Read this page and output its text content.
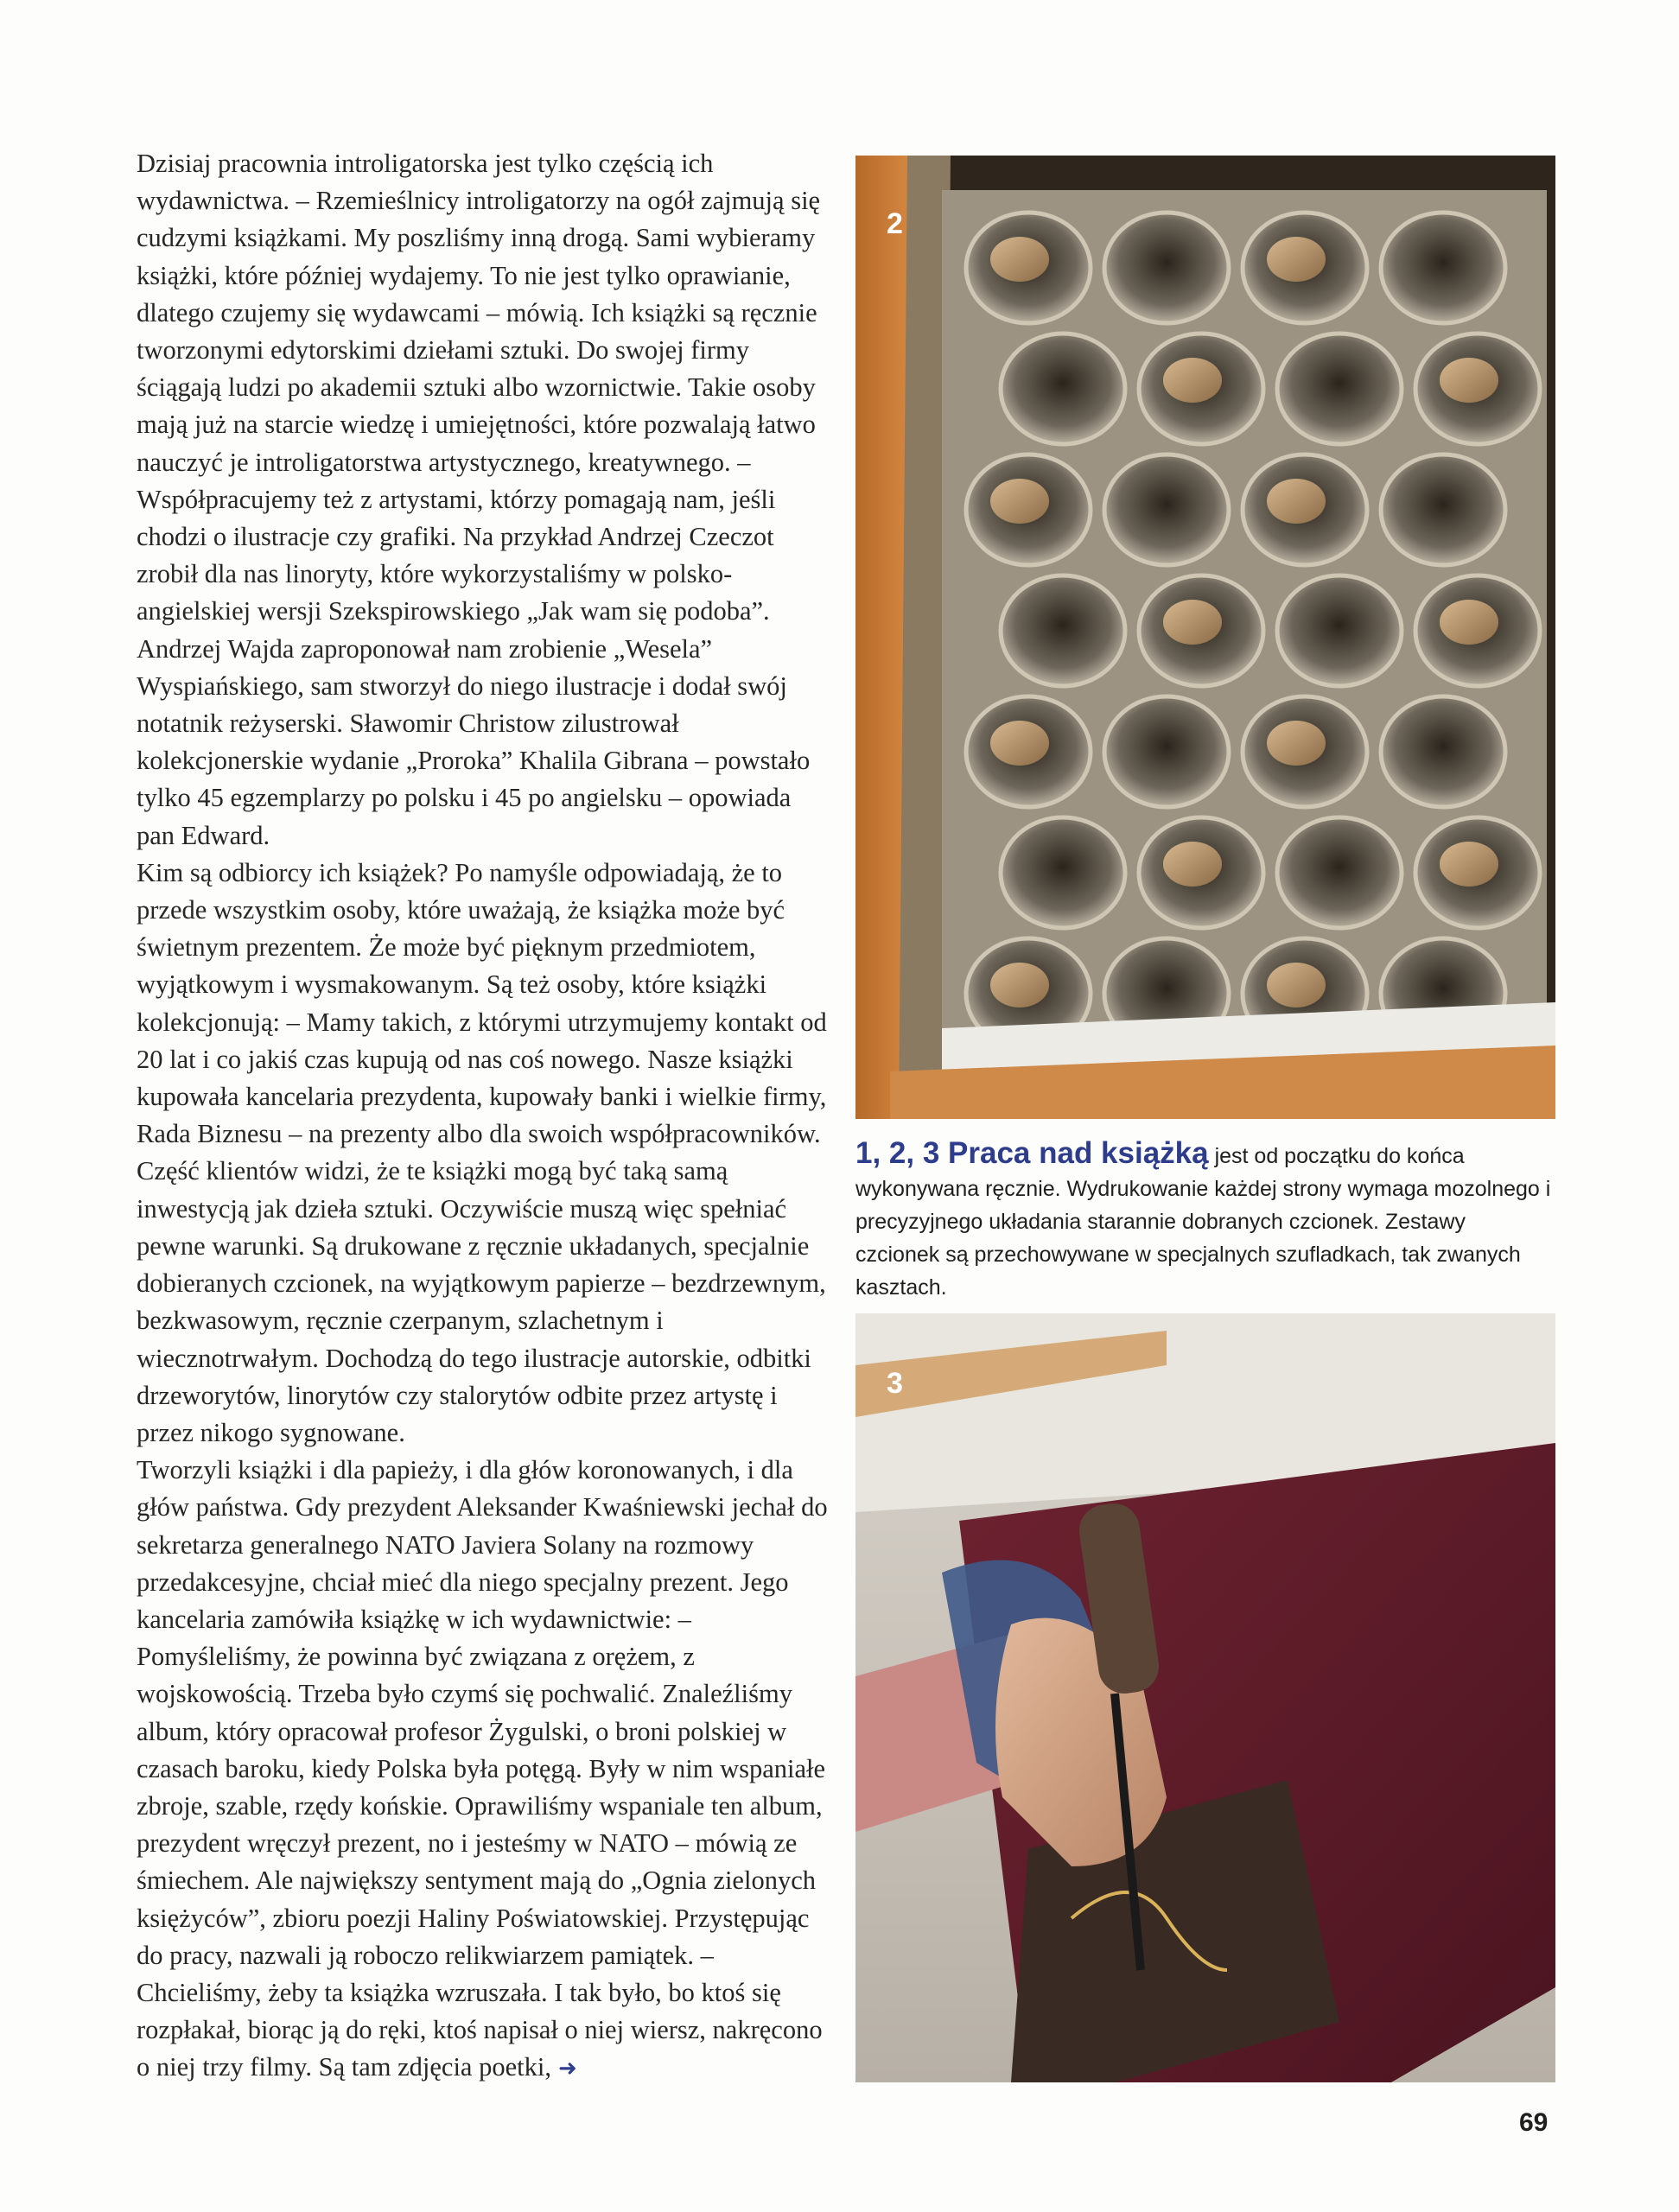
Dzisiaj pracownia introligatorska jest tylko częścią ich wydawnictwa. – Rzemieślnicy introligatorzy na ogół zajmują się cudzymi książkami. My poszliśmy inną drogą. Sami wybieramy książki, które później wydajemy. To nie jest tylko oprawianie, dlatego czujemy się wydawcami – mówią. Ich książki są ręcznie tworzonymi edytorskimi dziełami sztuki. Do swojej firmy ściągają ludzi po akademii sztuki albo wzornictwie. Takie osoby mają już na starcie wiedzę i umiejętności, które pozwalają łatwo nauczyć je introligatorstwa artystycznego, kreatywnego. – Współpracujemy też z artystami, którzy pomagają nam, jeśli chodzi o ilustracje czy grafiki. Na przykład Andrzej Czeczot zrobił dla nas linoryty, które wykorzystaliśmy w polsko-angielskiej wersji Szekspirowskiego „Jak wam się podoba”. Andrzej Wajda zaproponował nam zrobienie „Wesela” Wyspiańskiego, sam stworzył do niego ilustracje i dodał swój notatnik reżyserski. Sławomir Christow zilustrował kolekcjonerskie wydanie „Proroka” Khalila Gibrana – powstało tylko 45 egzemplarzy po polsku i 45 po angielsku – opowiada pan Edward.

Kim są odbiorcy ich książek? Po namyśle odpowiadają, że to przede wszystkim osoby, które uważają, że książka może być świetnym prezentem. Że może być pięknym przedmiotem, wyjątkowym i wysmakowanym. Są też osoby, które książki kolekcjonują: – Mamy takich, z którymi utrzymujemy kontakt od 20 lat i co jakiś czas kupują od nas coś nowego. Nasze książki kupowała kancelaria prezydenta, kupowały banki i wielkie firmy, Rada Biznesu – na prezenty albo dla swoich współpracowników. Część klientów widzi, że te książki mogą być taką samą inwestycją jak dzieła sztuki. Oczywiście muszą więc spełniać pewne warunki. Są drukowane z ręcznie układanych, specjalnie dobieranych czcionek, na wyjątkowym papierze – bezdrzewnym, bezkwasowym, ręcznie czerpanym, szlachetnym i wiecznotrwałym. Dochodzą do tego ilustracje autorskie, odbitki drzeworytów, linorytów czy stalorytów odbite przez artystę i przez nikogo sygnowane.

Tworzyli książki i dla papieży, i dla głów koronowanych, i dla głów państwa. Gdy prezydent Aleksander Kwaśniewski jechał do sekretarza generalnego NATO Javiera Solany na rozmowy przedakcesyjne, chciał mieć dla niego specjalny prezent. Jego kancelaria zamówiła książkę w ich wydawnictwie: – Pomyśleliśmy, że powinna być związana z orężem, z wojskowością. Trzeba było czymś się pochwalić. Znaleźliśmy album, który opracował profesor Żygulski, o broni polskiej w czasach baroku, kiedy Polska była potęgą. Były w nim wspaniałe zbroje, szable, rzędy końskie. Oprawiliśmy wspaniale ten album, prezydent wręczył prezent, no i jesteśmy w NATO – mówią ze śmiechem. Ale największy sentyment mają do „Ognia zielonych księżyców”, zbioru poezji Haliny Poświatowskiej. Przystępując do pracy, nazwali ją roboczo relikwiarzem pamiątek. – Chcieliśmy, żeby ta książka wzruszała. I tak było, bo ktoś się rozpłakał, biorąc ją do ręki, ktoś napisał o niej wiersz, nakręcono o niej trzy filmy. Są tam zdjęcia poetki, ➜

2
1, 2, 3 Praca nad książką jest od początku do końca wykonywana ręcznie. Wydrukowanie każdej strony wymaga mozolnego i precyzyjnego układania starannie dobranych czcionek. Zestawy czcionek są przechowywane w specjalnych szufladkach, tak zwanych kasztach.
3
69
